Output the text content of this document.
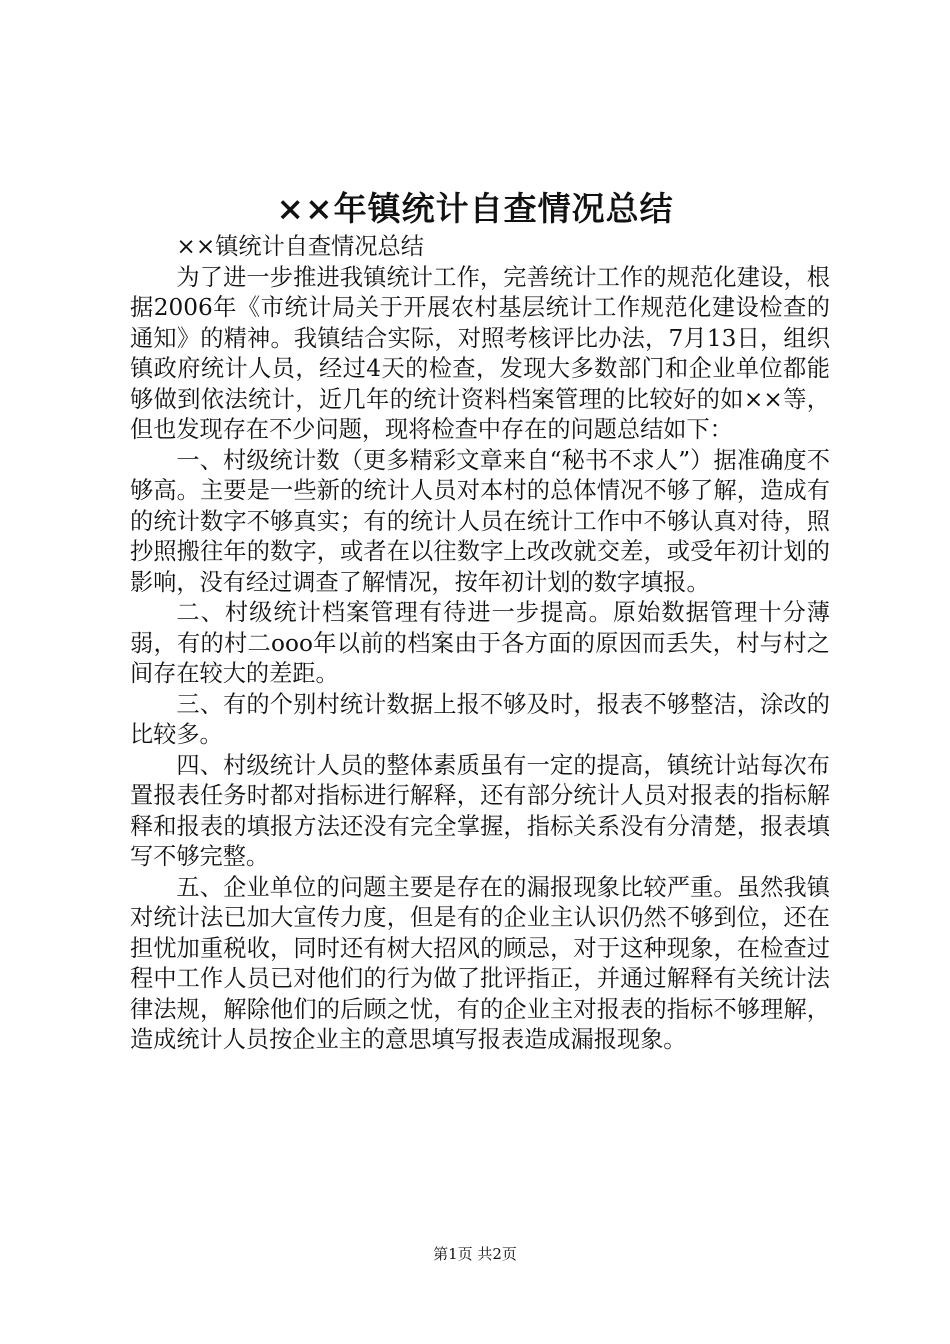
××年镇统计自查情况总结

××镇统计自查情况总结

为了进一步推进我镇统计工作，完善统计工作的规范化建设，根据2006年《市统计局关于开展农村基层统计工作规范化建设检查的通知》的精神。我镇结合实际，对照考核评比办法，7月13日，组织镇政府统计人员，经过4天的检查，发现大多数部门和企业单位都能够做到依法统计，近几年的统计资料档案管理的比较好的如××等，但也发现存在不少问题，现将检查中存在的问题总结如下：

一、村级统计数（更多精彩文章来自“秘书不求人”）据准确度不够高。主要是一些新的统计人员对本村的总体情况不够了解，造成有的统计数字不够真实；有的统计人员在统计工作中不够认真对待，照抄照搬往年的数字，或者在以往数字上改改就交差，或受年初计划的影响，没有经过调查了解情况，按年初计划的数字填报。

二、村级统计档案管理有待进一步提高。原始数据管理十分薄弱，有的村二ooo年以前的档案由于各方面的原因而丢失，村与村之间存在较大的差距。

三、有的个别村统计数据上报不够及时，报表不够整洁，涂改的比较多。

四、村级统计人员的整体素质虽有一定的提高，镇统计站每次布置报表任务时都对指标进行解释，还有部分统计人员对报表的指标解释和报表的填报方法还没有完全掌握，指标关系没有分清楚，报表填写不够完整。

五、企业单位的问题主要是存在的漏报现象比较严重。虽然我镇对统计法已加大宣传力度，但是有的企业主认识仍然不够到位，还在担忧加重税收，同时还有树大招风的顾忌，对于这种现象，在检查过程中工作人员已对他们的行为做了批评指正，并通过解释有关统计法律法规，解除他们的后顾之忧，有的企业主对报表的指标不够理解，造成统计人员按企业主的意思填写报表造成漏报现象。

第1页 共2页
